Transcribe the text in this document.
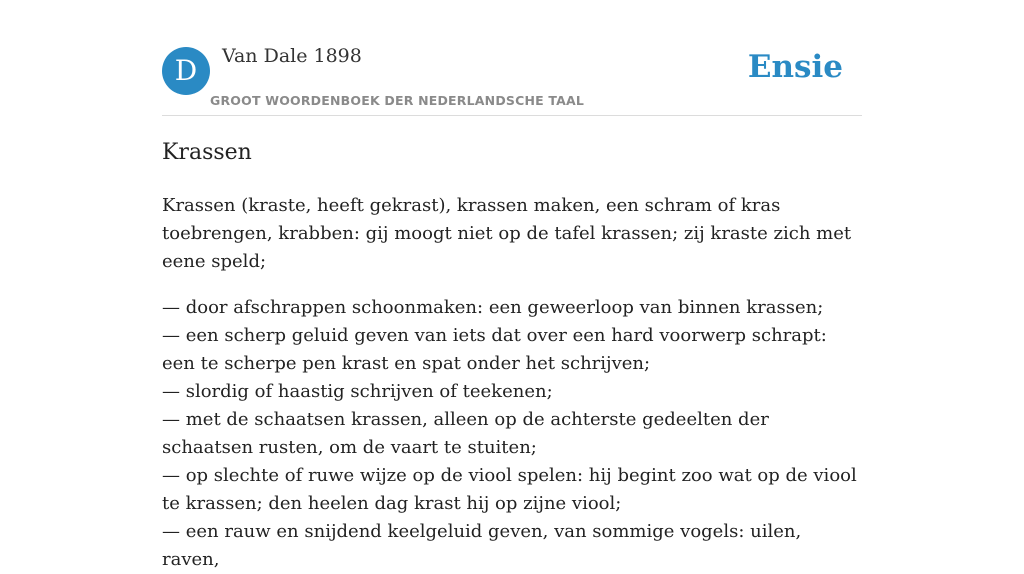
D	Van Dale 1898
GROOT WOORDENBOEK DER NEDERLANDSCHE TAAL
Ensie
Krassen

Krassen (kraste, heeft gekrast), krassen maken, een schram of kras toebrengen, krabben: gij moogt niet op de tafel krassen; zij kraste zich met eene speld;

— door afschrappen schoonmaken: een geweerloop van binnen krassen;
— een scherp geluid geven van iets dat over een hard voorwerp schrapt: een te scherpe pen krast en spat onder het schrijven;
— slordig of haastig schrijven of teekenen;
— met de schaatsen krassen, alleen op de achterste gedeelten der schaatsen rusten, om de vaart te stuiten;
— op slechte of ruwe wijze op de viool spelen: hij begint zoo wat op de viool te krassen; den heelen dag krast hij op zijne viool;
— een rauw en snijdend keelgeluid geven, van sommige vogels: uilen, raven,
